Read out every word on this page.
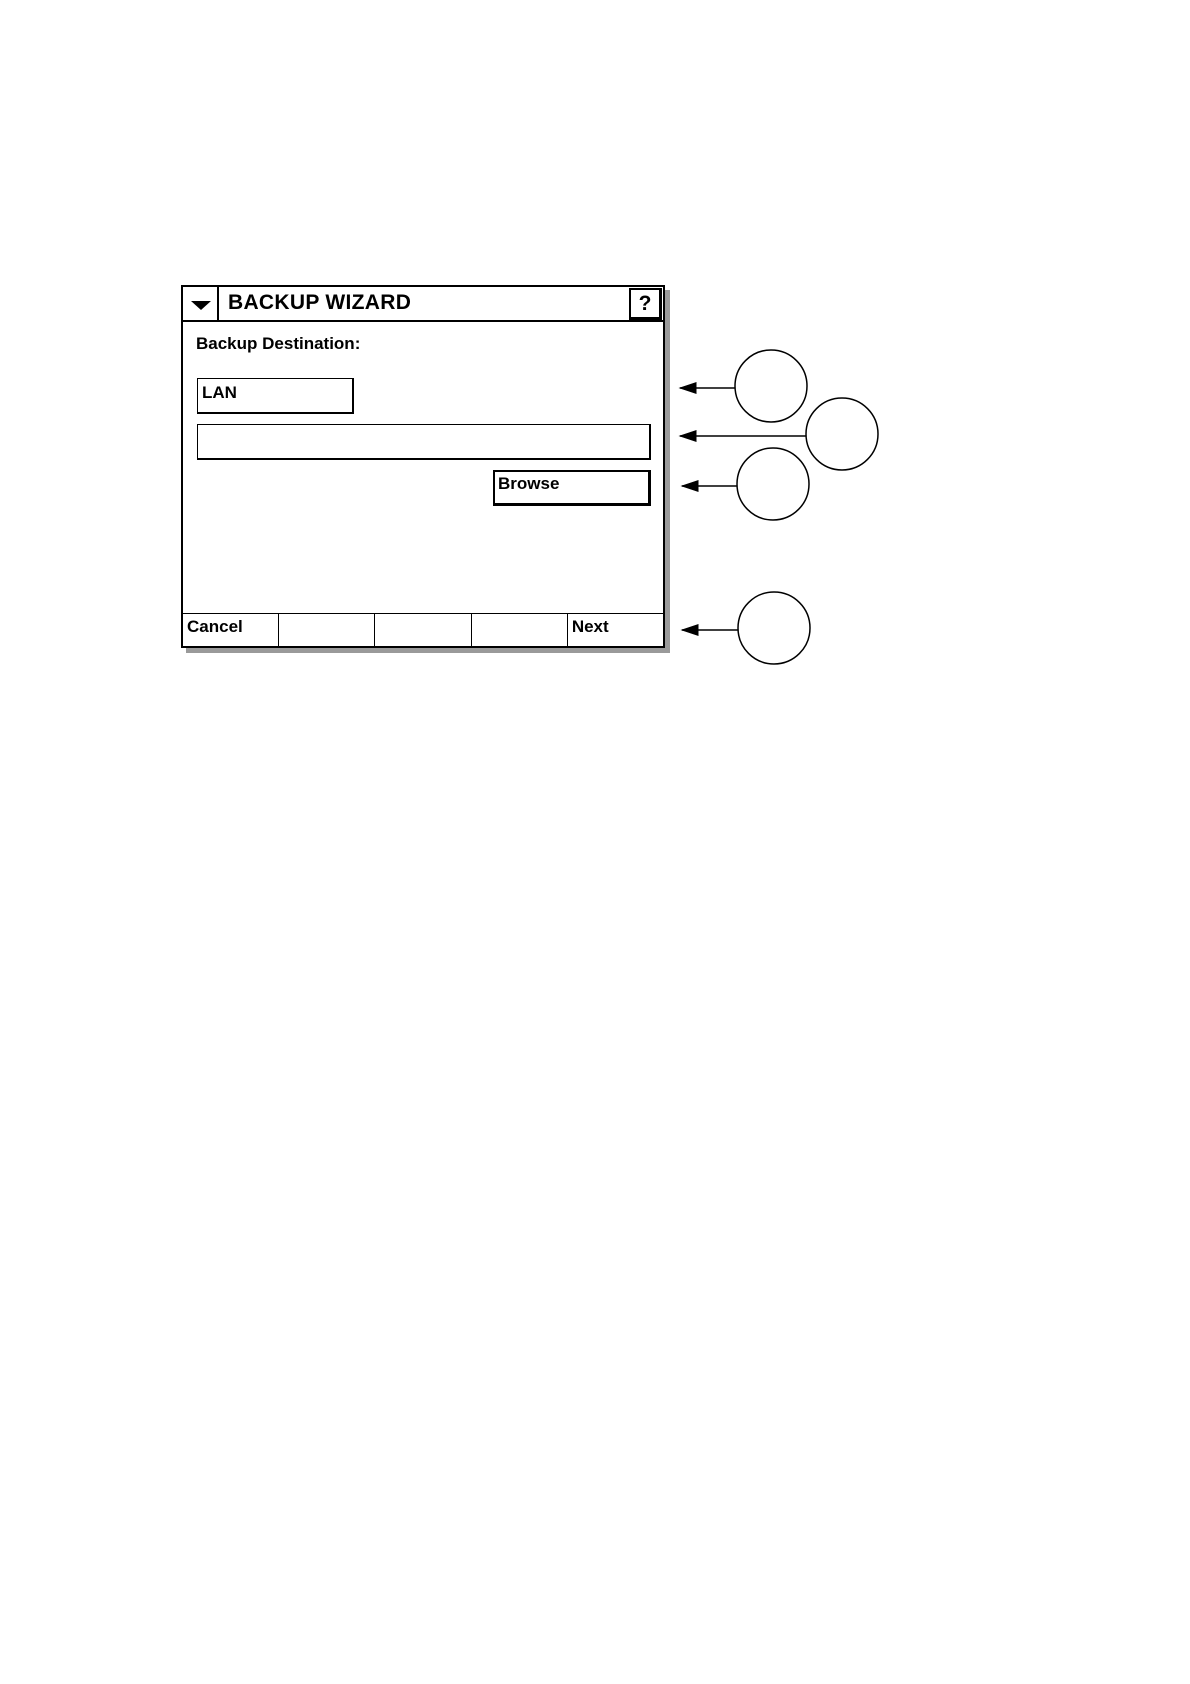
BACKUP WIZARD	?
Backup Destination:
LAN
Browse
Cancel	Next
